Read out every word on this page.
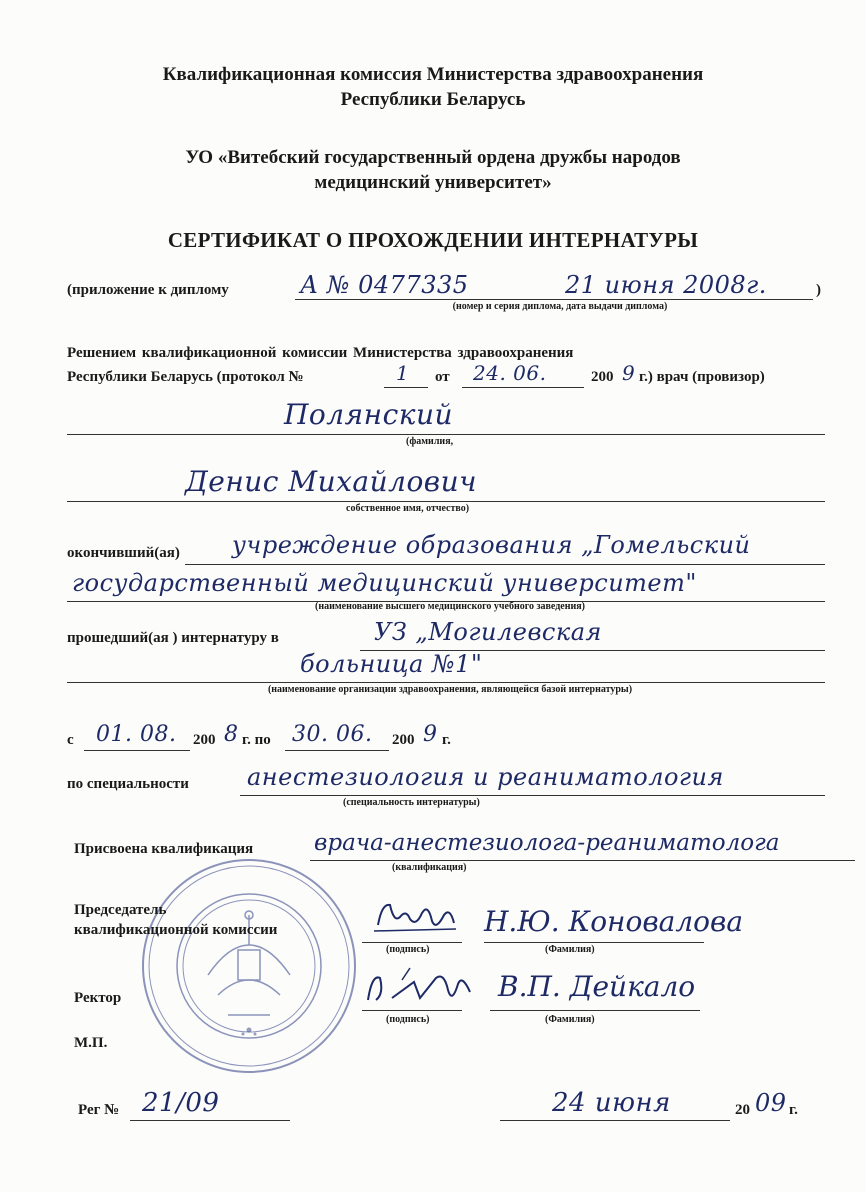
Квалификационная комиссия Министерства здравоохранения
Республики Беларусь
УО «Витебский государственный ордена дружбы народов
медицинский университет»
СЕРТИФИКАТ О ПРОХОЖДЕНИИ ИНТЕРНАТУРЫ
(приложение к диплому	А № 0477335	21 июня 2008г.	)
(номер и серия диплома, дата выдачи диплома)
Решением квалификационной комиссии Министерства здравоохранения
Республики Беларусь (протокол №	1 от 24. 06.	200 9 г.) врач (провизор)
Полянский
(фамилия,
Денис Михайлович
собственное имя, отчество)
окончивший(ая) учреждение образования „Гомельский
государственный медицинский университет"
(наименование высшего медицинского учебного заведения)
прошедший(ая ) интернатуру в	УЗ „Могилевская
больница №1"
(наименование организации здравоохранения, являющейся базой интернатуры)
с 01. 08. 200 8 г. по 30. 06. 200 9 г.
по специальности анестезиология и реаниматология
(специальность интернатуры)
Присвоена квалификация	врача-анестезиолога-реаниматолога
(квалификация)
Председатель
квалификационной комиссии	Н.Ю. Коновалова
(подпись)	(Фамилия)
Ректор	В.П. Дейкало
(подпись)	(Фамилия)
М.П.
Рег № 21/09	24 июня	20 09 г.
